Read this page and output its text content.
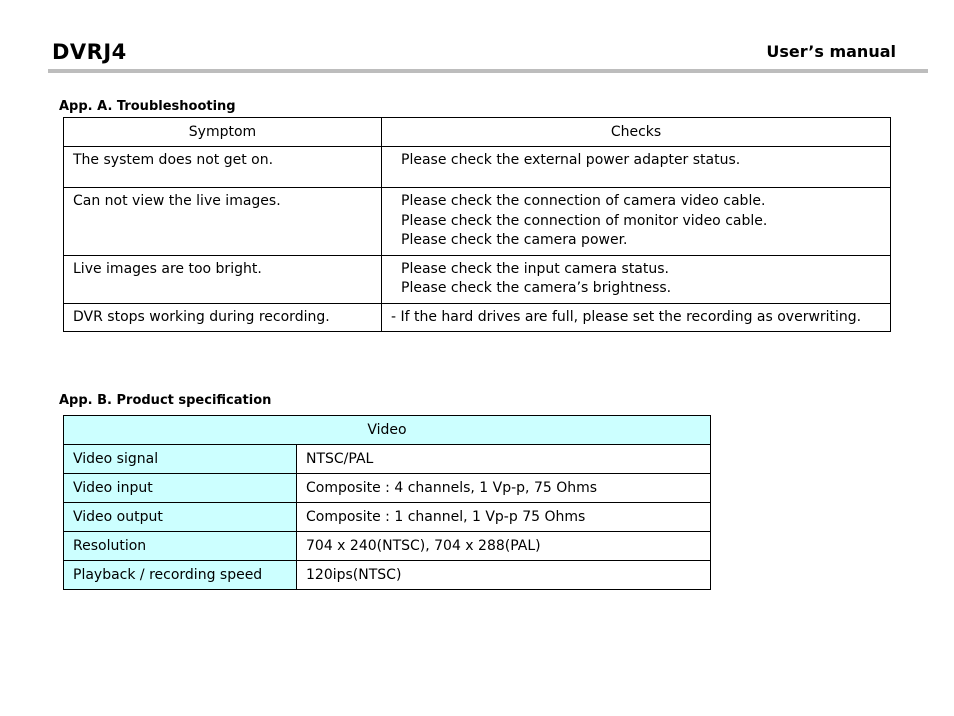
DVRJ4	User’s manual
App. A. Troubleshooting
Symptom	Checks
The system does not get on.	Please check the external power adapter status.

Can not view the live images.	Please check the connection of camera video cable.
Please check the connection of monitor video cable.
Please check the camera power.

Live images are too bright.	Please check the input camera status.
Please check the camera’s brightness.

DVR stops working during recording.	- If the hard drives are full, please set the recording as overwriting.
App. B. Product specification
Video	
Video signal	NTSC/PAL
Video input	Composite : 4 channels, 1 Vp-p, 75 Ohms
Video output	Composite : 1 channel, 1 Vp-p 75 Ohms
Resolution	704 x 240(NTSC), 704 x 288(PAL)
Playback / recording speed	120ips(NTSC)
